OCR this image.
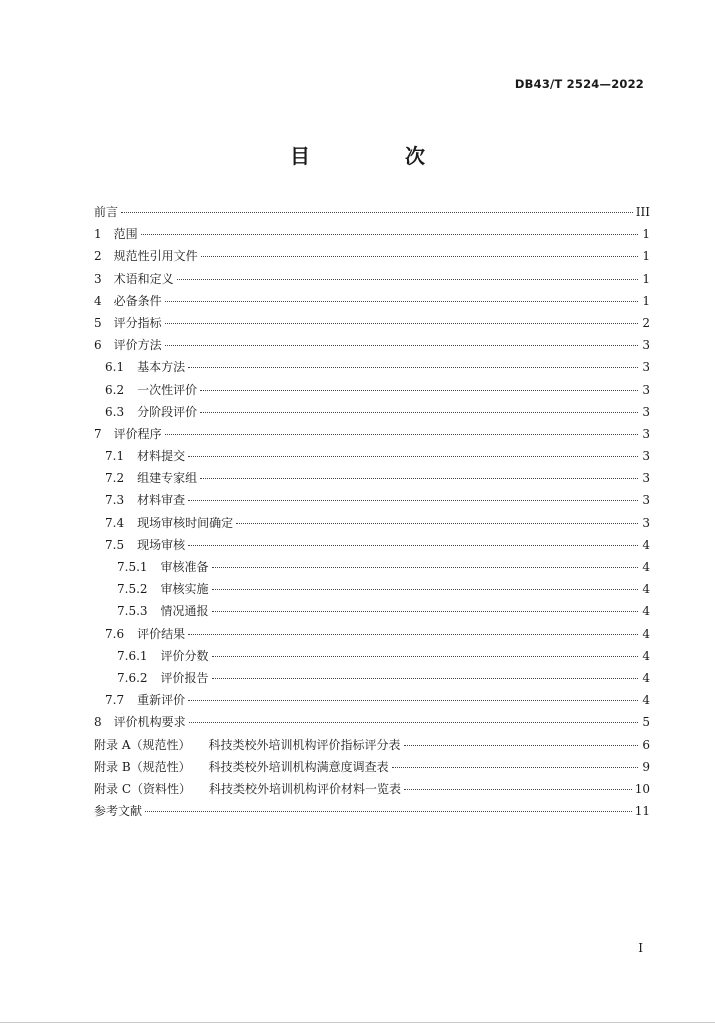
DB43/T 2524—2022
目 次
前言	III
1 范围	1
2 规范性引用文件	1
3 术语和定义	1
4 必备条件	1
5 评分指标	2
6 评价方法	3
6.1 基本方法	3
6.2 一次性评价	3
6.3 分阶段评价	3
7 评价程序	3
7.1 材料提交	3
7.2 组建专家组	3
7.3 材料审查	3
7.4 现场审核时间确定	3
7.5 现场审核	4
7.5.1 审核准备	4
7.5.2 审核实施	4
7.5.3 情况通报	4
7.6 评价结果	4
7.6.1 评价分数	4
7.6.2 评价报告	4
7.7 重新评价	4
8 评价机构要求	5
附录 A（规范性） 科技类校外培训机构评价指标评分表	6
附录 B（规范性） 科技类校外培训机构满意度调查表	9
附录 C（资料性） 科技类校外培训机构评价材料一览表	10
参考文献	11
I
